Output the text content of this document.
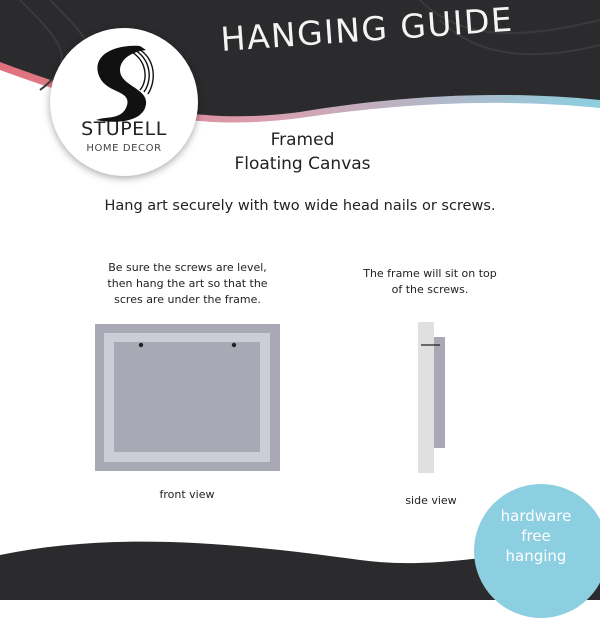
STUPELL
HOME DECOR
HANGING GUIDE
Framed
Floating Canvas
Hang art securely with two wide head nails or screws.
Be sure the screws are level,
then hang the art so that the
scres are under the frame.
The frame will sit on top
of the screws.
front view	side view
hardware
free
hanging
